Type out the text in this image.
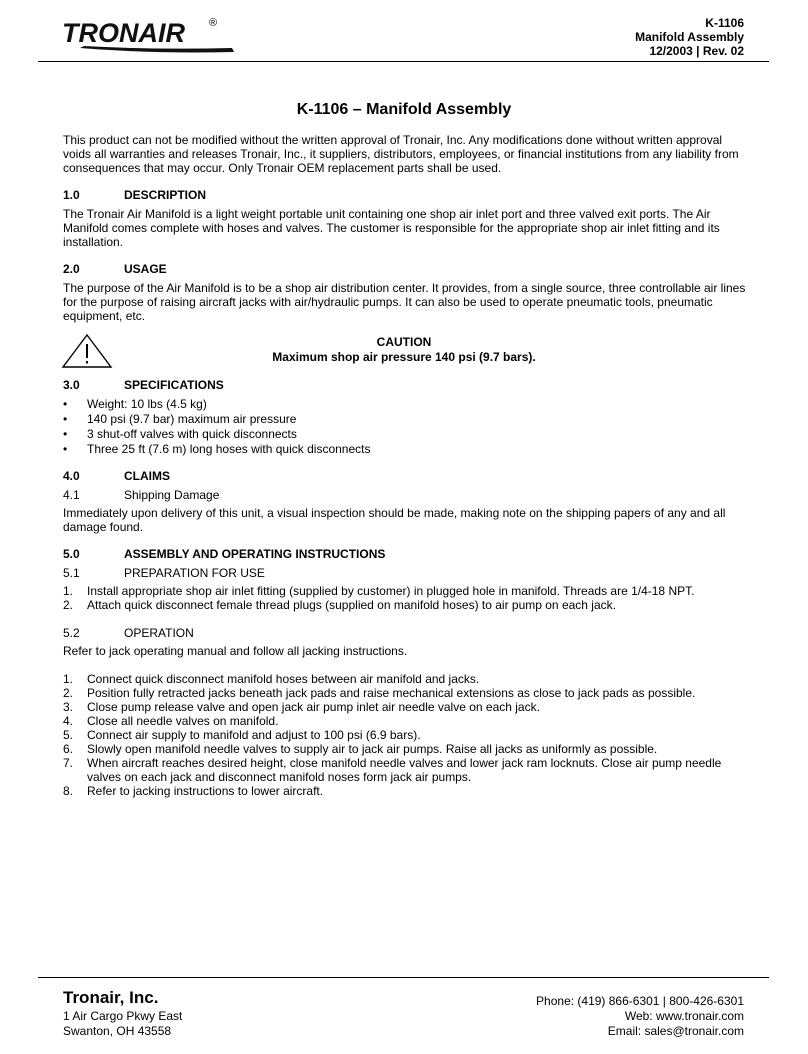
TRONAIR ®	K-1106
Manifold Assembly
12/2003 | Rev. 02
K-1106 – Manifold Assembly
This product can not be modified without the written approval of Tronair, Inc. Any modifications done without written approval voids all warranties and releases Tronair, Inc., it suppliers, distributors, employees, or financial institutions from any liability from consequences that may occur. Only Tronair OEM replacement parts shall be used.
1.0	DESCRIPTION
The Tronair Air Manifold is a light weight portable unit containing one shop air inlet port and three valved exit ports. The Air Manifold comes complete with hoses and valves. The customer is responsible for the appropriate shop air inlet fitting and its installation.
2.0	USAGE
The purpose of the Air Manifold is to be a shop air distribution center. It provides, from a single source, three controllable air lines for the purpose of raising aircraft jacks with air/hydraulic pumps. It can also be used to operate pneumatic tools, pneumatic equipment, etc.
CAUTION
Maximum shop air pressure 140 psi (9.7 bars).
3.0	SPECIFICATIONS
• Weight: 10 lbs (4.5 kg)
• 140 psi (9.7 bar) maximum air pressure
• 3 shut-off valves with quick disconnects
• Three 25 ft (7.6 m) long hoses with quick disconnects
4.0	CLAIMS
4.1	Shipping Damage
Immediately upon delivery of this unit, a visual inspection should be made, making note on the shipping papers of any and all damage found.
5.0	ASSEMBLY AND OPERATING INSTRUCTIONS
5.1	PREPARATION FOR USE
1. Install appropriate shop air inlet fitting (supplied by customer) in plugged hole in manifold. Threads are 1/4-18 NPT.
2. Attach quick disconnect female thread plugs (supplied on manifold hoses) to air pump on each jack.
5.2	OPERATION
Refer to jack operating manual and follow all jacking instructions.
1. Connect quick disconnect manifold hoses between air manifold and jacks.
2. Position fully retracted jacks beneath jack pads and raise mechanical extensions as close to jack pads as possible.
3. Close pump release valve and open jack air pump inlet air needle valve on each jack.
4. Close all needle valves on manifold.
5. Connect air supply to manifold and adjust to 100 psi (6.9 bars).
6. Slowly open manifold needle valves to supply air to jack air pumps. Raise all jacks as uniformly as possible.
7. When aircraft reaches desired height, close manifold needle valves and lower jack ram locknuts. Close air pump needle valves on each jack and disconnect manifold noses form jack air pumps.
8. Refer to jacking instructions to lower aircraft.
Tronair, Inc.
1 Air Cargo Pkwy East
Swanton, OH 43558
Phone: (419) 866-6301 | 800-426-6301
Web: www.tronair.com
Email: sales@tronair.com
